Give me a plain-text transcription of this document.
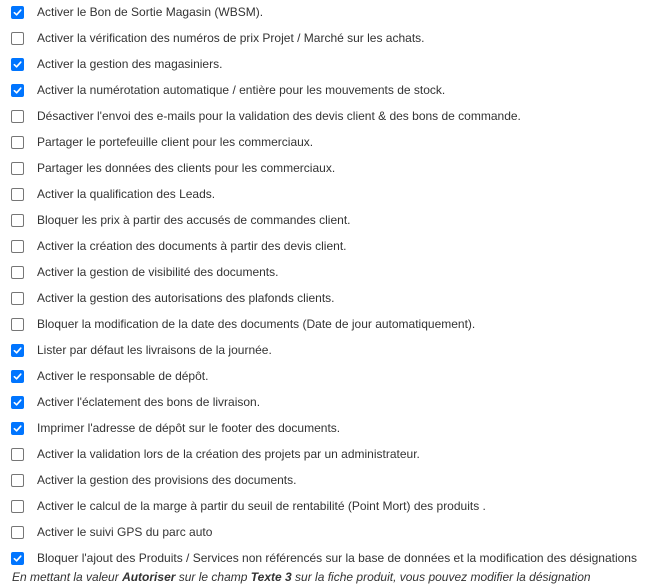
Activer le Bon de Sortie Magasin (WBSM).
Activer la vérification des numéros de prix Projet / Marché sur les achats.
Activer la gestion des magasiniers.
Activer la numérotation automatique / entière pour les mouvements de stock.
Désactiver l'envoi des e-mails pour la validation des devis client & des bons de commande.
Partager le portefeuille client pour les commerciaux.
Partager les données des clients pour les commerciaux.
Activer la qualification des Leads.
Bloquer les prix à partir des accusés de commandes client.
Activer la création des documents à partir des devis client.
Activer la gestion de visibilité des documents.
Activer la gestion des autorisations des plafonds clients.
Bloquer la modification de la date des documents (Date de jour automatiquement).
Lister par défaut les livraisons de la journée.
Activer le responsable de dépôt.
Activer l'éclatement des bons de livraison.
Imprimer l'adresse de dépôt sur le footer des documents.
Activer la validation lors de la création des projets par un administrateur.
Activer la gestion des provisions des documents.
Activer le calcul de la marge à partir du seuil de rentabilité (Point Mort) des produits .
Activer le suivi GPS du parc auto
Bloquer l'ajout des Produits / Services non référencés sur la base de données et la modification des désignations
En mettant la valeur Autoriser sur le champ Texte 3 sur la fiche produit, vous pouvez modifier la désignation
